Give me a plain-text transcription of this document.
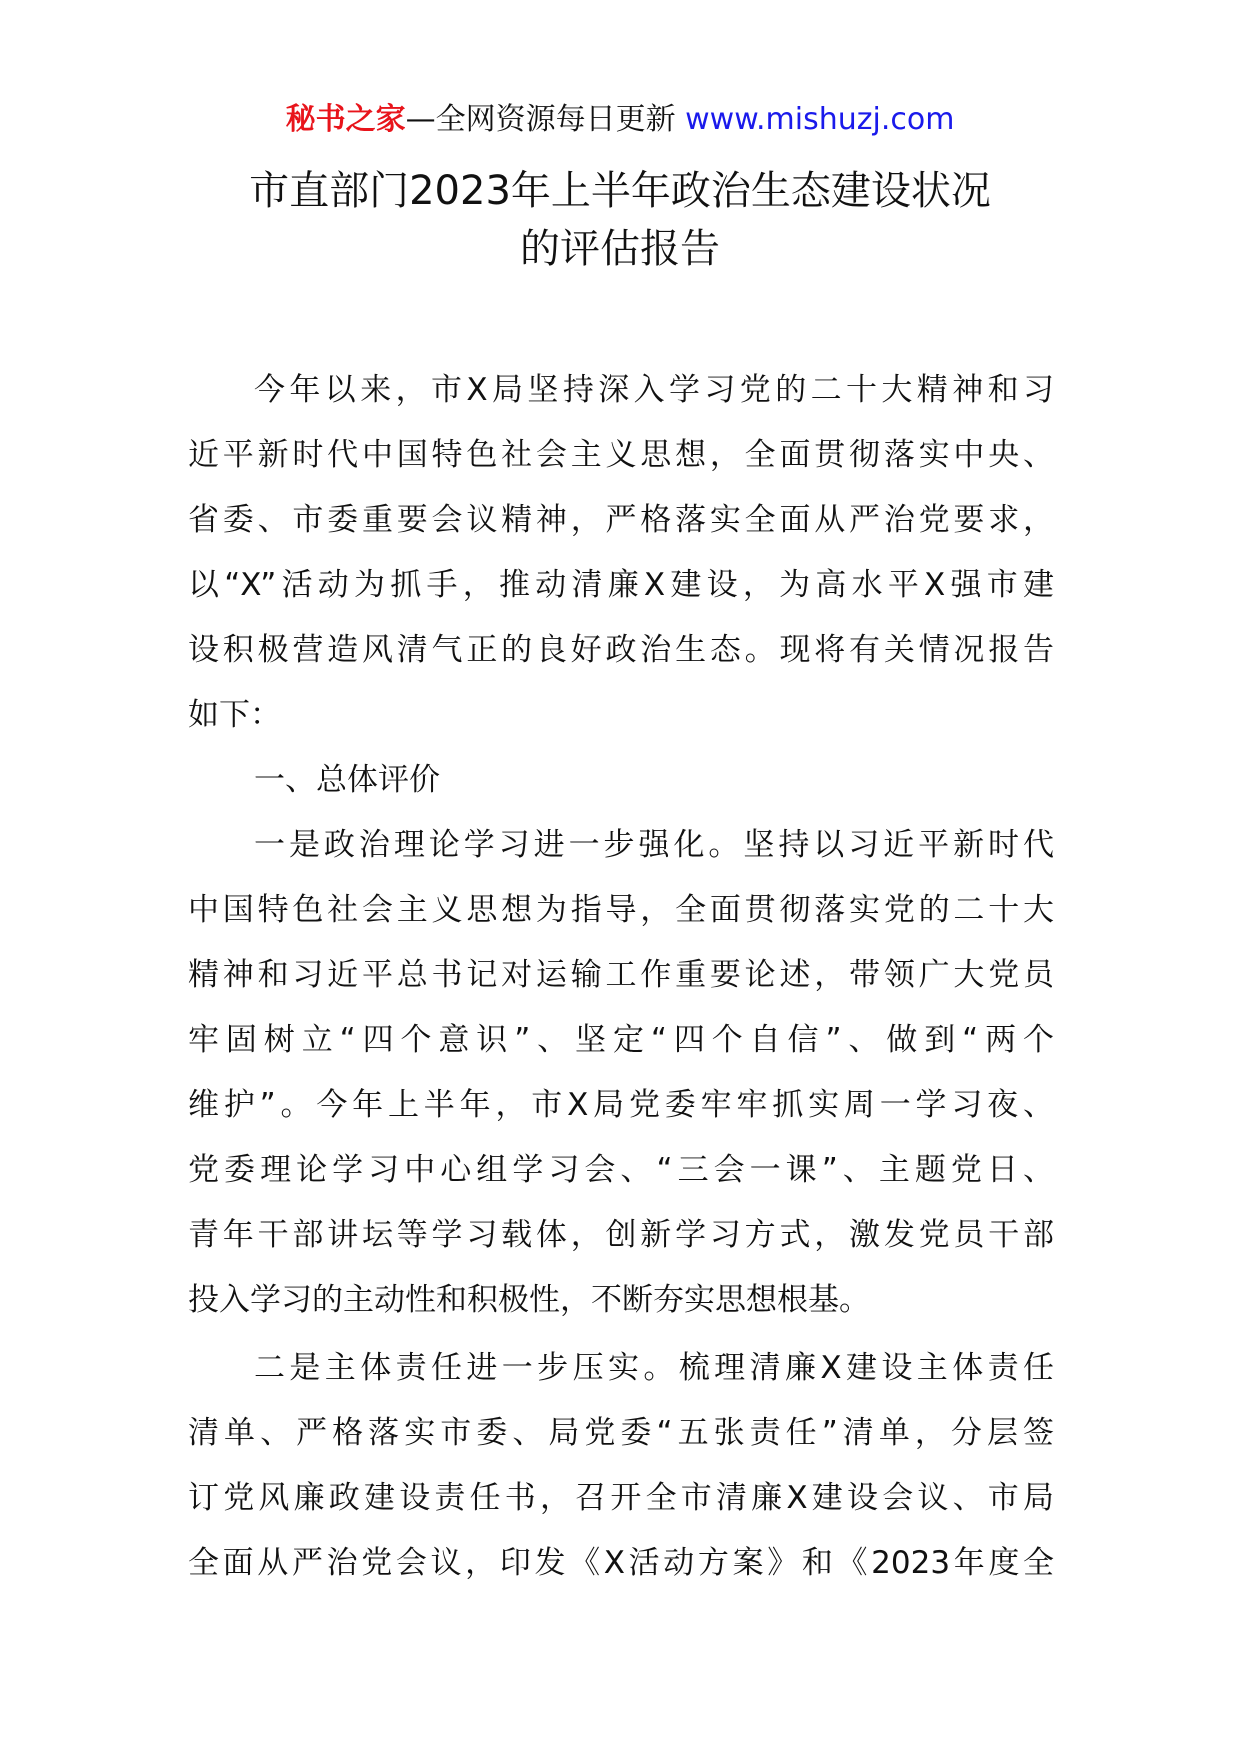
秘书之家—全网资源每日更新 www.mishuzj.com
市直部门2023年上半年政治生态建设状况
的评估报告
今年以来，市X局坚持深入学习党的二十大精神和习
近平新时代中国特色社会主义思想，全面贯彻落实中央、
省委、市委重要会议精神，严格落实全面从严治党要求，
以“X”活动为抓手，推动清廉X建设，为高水平X强市建
设积极营造风清气正的良好政治生态。现将有关情况报告
如下：
一、总体评价
一是政治理论学习进一步强化。坚持以习近平新时代
中国特色社会主义思想为指导，全面贯彻落实党的二十大
精神和习近平总书记对运输工作重要论述，带领广大党员
牢固树立“四个意识”、坚定“四个自信”、做到“两个
维护”。今年上半年，市X局党委牢牢抓实周一学习夜、
党委理论学习中心组学习会、“三会一课”、主题党日、
青年干部讲坛等学习载体，创新学习方式，激发党员干部
投入学习的主动性和积极性，不断夯实思想根基。
二是主体责任进一步压实。梳理清廉X建设主体责任
清单、严格落实市委、局党委“五张责任”清单，分层签
订党风廉政建设责任书，召开全市清廉X建设会议、市局
全面从严治党会议，印发《X活动方案》和《2023年度全
